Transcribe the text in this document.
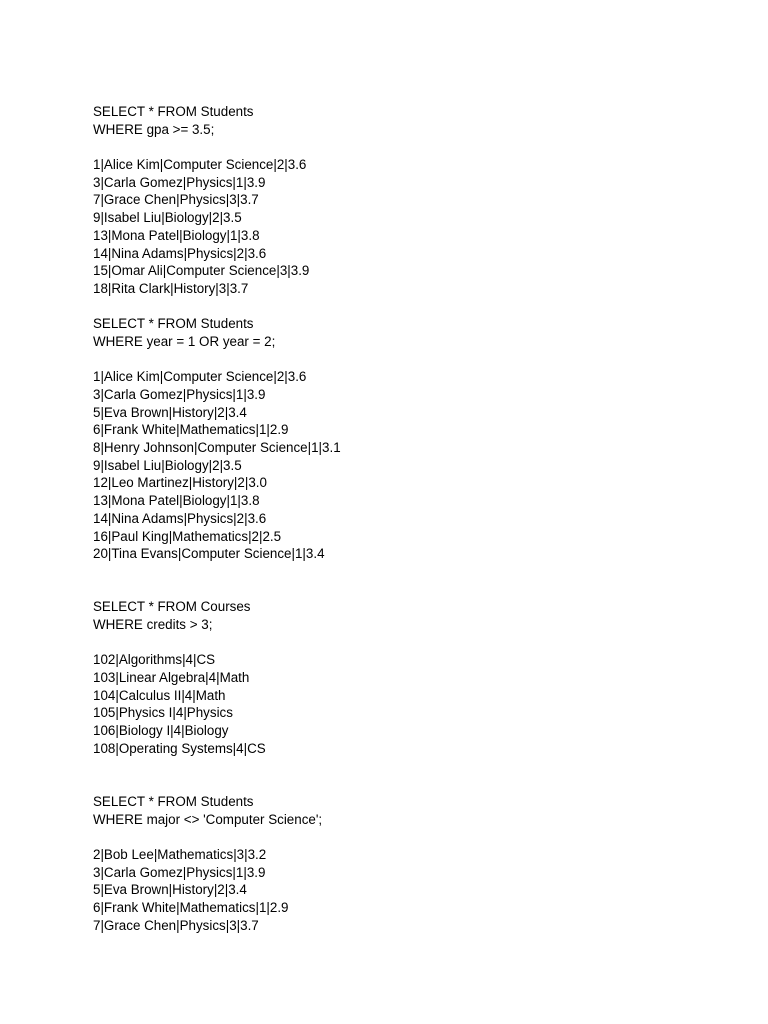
SELECT * FROM Students
WHERE gpa >= 3.5;
1|Alice Kim|Computer Science|2|3.6
3|Carla Gomez|Physics|1|3.9
7|Grace Chen|Physics|3|3.7
9|Isabel Liu|Biology|2|3.5
13|Mona Patel|Biology|1|3.8
14|Nina Adams|Physics|2|3.6
15|Omar Ali|Computer Science|3|3.9
18|Rita Clark|History|3|3.7
SELECT * FROM Students
WHERE year = 1 OR year = 2;
1|Alice Kim|Computer Science|2|3.6
3|Carla Gomez|Physics|1|3.9
5|Eva Brown|History|2|3.4
6|Frank White|Mathematics|1|2.9
8|Henry Johnson|Computer Science|1|3.1
9|Isabel Liu|Biology|2|3.5
12|Leo Martinez|History|2|3.0
13|Mona Patel|Biology|1|3.8
14|Nina Adams|Physics|2|3.6
16|Paul King|Mathematics|2|2.5
20|Tina Evans|Computer Science|1|3.4
SELECT * FROM Courses
WHERE credits > 3;
102|Algorithms|4|CS
103|Linear Algebra|4|Math
104|Calculus II|4|Math
105|Physics I|4|Physics
106|Biology I|4|Biology
108|Operating Systems|4|CS
SELECT * FROM Students
WHERE major <> 'Computer Science';
2|Bob Lee|Mathematics|3|3.2
3|Carla Gomez|Physics|1|3.9
5|Eva Brown|History|2|3.4
6|Frank White|Mathematics|1|2.9
7|Grace Chen|Physics|3|3.7
